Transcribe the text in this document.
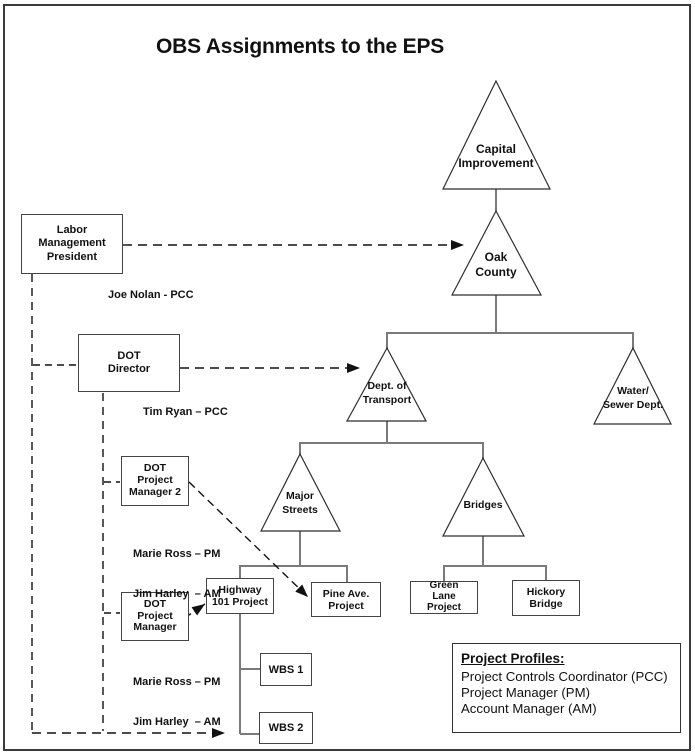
OBS Assignments to the EPS
Capital
Improvement
Oak
County
Dept. of
Transport
Water/
Sewer Dept.
Major
Streets	Bridges
Labor
Management
President
DOT
Director
DOT
Project
Manager 2
DOT
Project
Manager
Highway
101 Project
Pine Ave.
Project
Green
Lane
Project
Hickory
Bridge
WBS 1
WBS 2
Joe Nolan - PCC
Tim Ryan – PCC

Marie Ross – PM

Jim Harley  – AM

Marie Ross – PM

Jim Harley  – AM

Project Profiles:
Project Controls Coordinator (PCC)
Project Manager (PM)
Account Manager (AM)
